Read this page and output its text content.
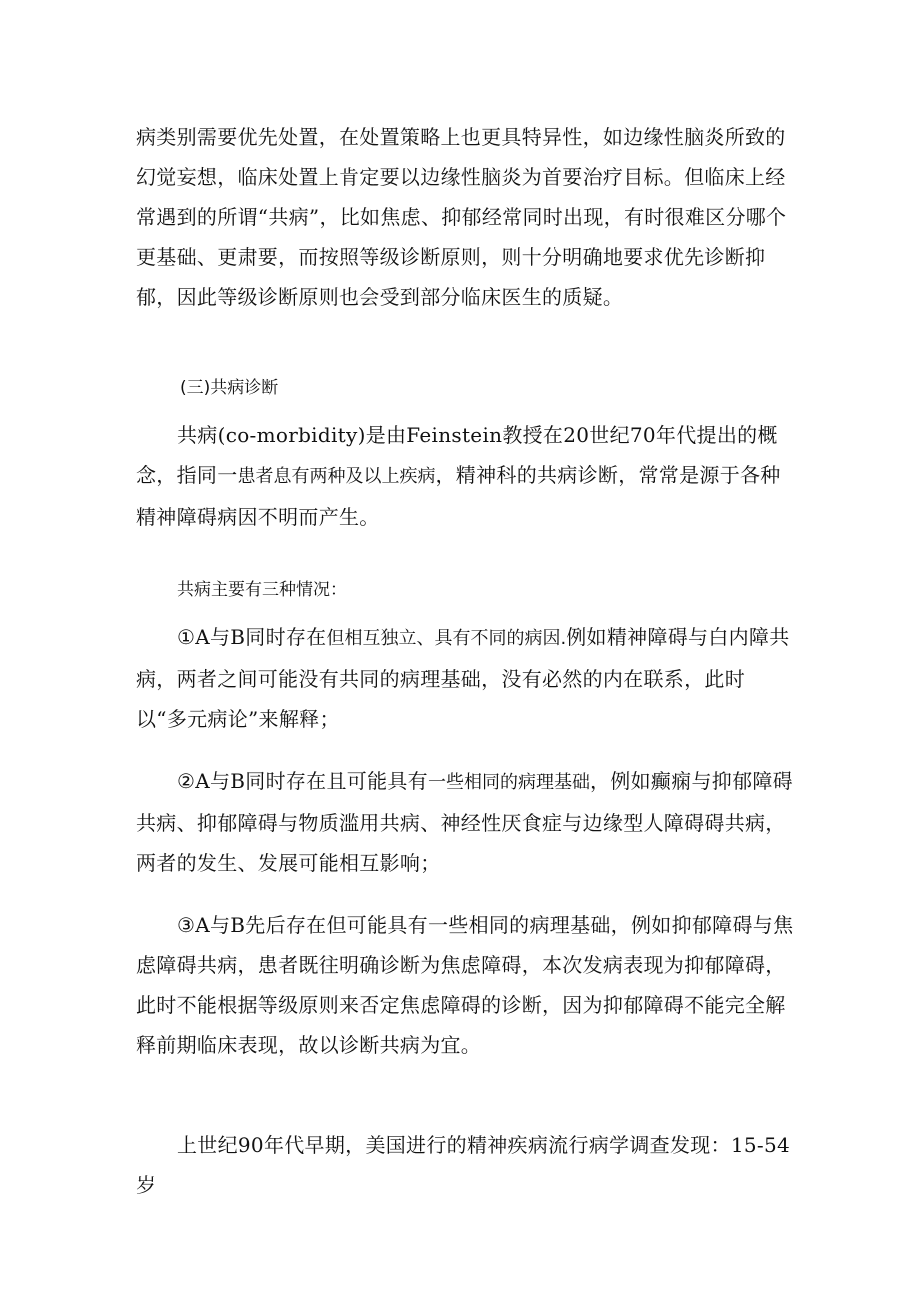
病类别需要优先处置，在处置策略上也更具特异性，如边缘性脑炎所致的幻觉妄想，临床处置上肯定要以边缘性脑炎为首要治疗目标。但临床上经常遇到的所谓“共病”，比如焦虑、抑郁经常同时出现，有时很难区分哪个更基础、更肃要，而按照等级诊断原则，则十分明确地要求优先诊断抑郁，因此等级诊断原则也会受到部分临床医生的质疑。

(三)共病诊断

共病(co-morbidity)是由Feinstein教授在20世纪70年代提出的概念，指同一患者息有两种及以上疾病，精神科的共病诊断，常常是源于各种精神障碍病因不明而产生。

共病主要有三种情况：

①A与B同时存在但相互独立、具有不同的病因.例如精神障碍与白内障共病，两者之间可能没有共同的病理基础，没有必然的内在联系，此时以“多元病论”来解释；

②A与B同时存在且可能具有一些相同的病理基础，例如癫痫与抑郁障碍共病、抑郁障碍与物质滥用共病、神经性厌食症与边缘型人障碍碍共病，两者的发生、发展可能相互影响；

③A与B先后存在但可能具有一些相同的病理基础，例如抑郁障碍与焦虑障碍共病，患者既往明确诊断为焦虑障碍，本次发病表现为抑郁障碍，此时不能根据等级原则来否定焦虑障碍的诊断，因为抑郁障碍不能完全解释前期临床表现，故以诊断共病为宜。

上世纪90年代早期，美国进行的精神疾病流行病学调查发现：15-54岁
